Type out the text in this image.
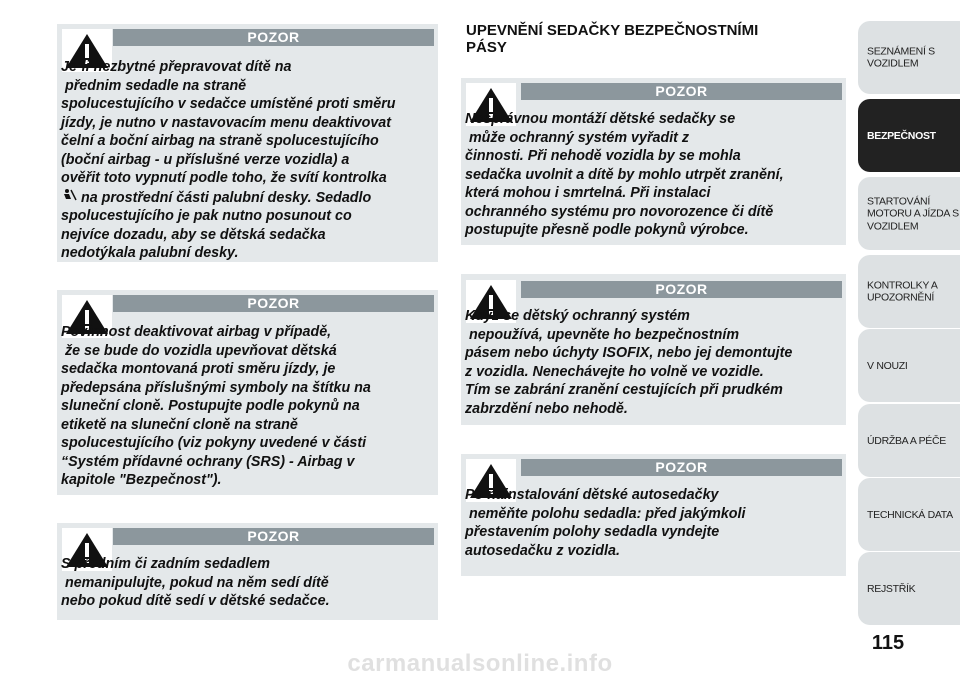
UPEVNĚNÍ SEDAČKY BEZPEČNOSTNÍMI
PÁSY
POZOR

Je-li nezbytné přepravovat dítě na
přednim sedadle na straně
spolucestujícího v sedačce umístěné proti směru
jízdy, je nutno v nastavovacím menu deaktivovat
čelní a boční airbag na straně spolucestujícího
(boční airbag - u příslušné verze vozidla) a
ověřit toto vypnutí podle toho, že svítí kontrolka
na prostřední části palubní desky. Sedadlo
spolucestujícího je pak nutno posunout co
nejvíce dozadu, aby se dětská sedačka
nedotýkala palubní desky.

POZOR

Povinnost deaktivovat airbag v případě,
že se bude do vozidla upevňovat dětská
sedačka montovaná proti směru jízdy, je
předepsána příslušnými symboly na štítku na
sluneční cloně. Postupujte podle pokynů na
etiketě na sluneční cloně na straně
spolucestujícího (viz pokyny uvedené v části
“Systém přídavné ochrany (SRS) - Airbag v
kapitole "Bezpečnost").

POZOR

S předním či zadním sedadlem
nemanipulujte, pokud na něm sedí dítě
nebo pokud dítě sedí v dětské sedačce.

POZOR

Nesprávnou montáží dětské sedačky se
může ochranný systém vyřadit z
činnosti. Při nehodě vozidla by se mohla
sedačka uvolnit a dítě by mohlo utrpět zranění,
která mohou i smrtelná. Při instalaci
ochranného systému pro novorozence či dítě
postupujte přesně podle pokynů výrobce.

POZOR

Když se dětský ochranný systém
nepoužívá, upevněte ho bezpečnostním
pásem nebo úchyty ISOFIX, nebo jej demontujte
z vozidla. Nenechávejte ho volně ve vozidle.
Tím se zabrání zranění cestujících při prudkém
zabrzdění nebo nehodě.

POZOR

Po nainstalování dětské autosedačky
neměňte polohu sedadla: před jakýmkoli
přestavením polohy sedadla vyndejte
autosedačku z vozidla.

SEZNÁMENÍ S
VOZIDLEM
BEZPEČNOST
STARTOVÁNÍ
MOTORU A JÍZDA S
VOZIDLEM
KONTROLKY A
UPOZORNĚNÍ
V NOUZI
ÚDRŽBA A PÉČE
TECHNICKÁ DATA
REJSTŘÍK
115
carmanualsonline.info
